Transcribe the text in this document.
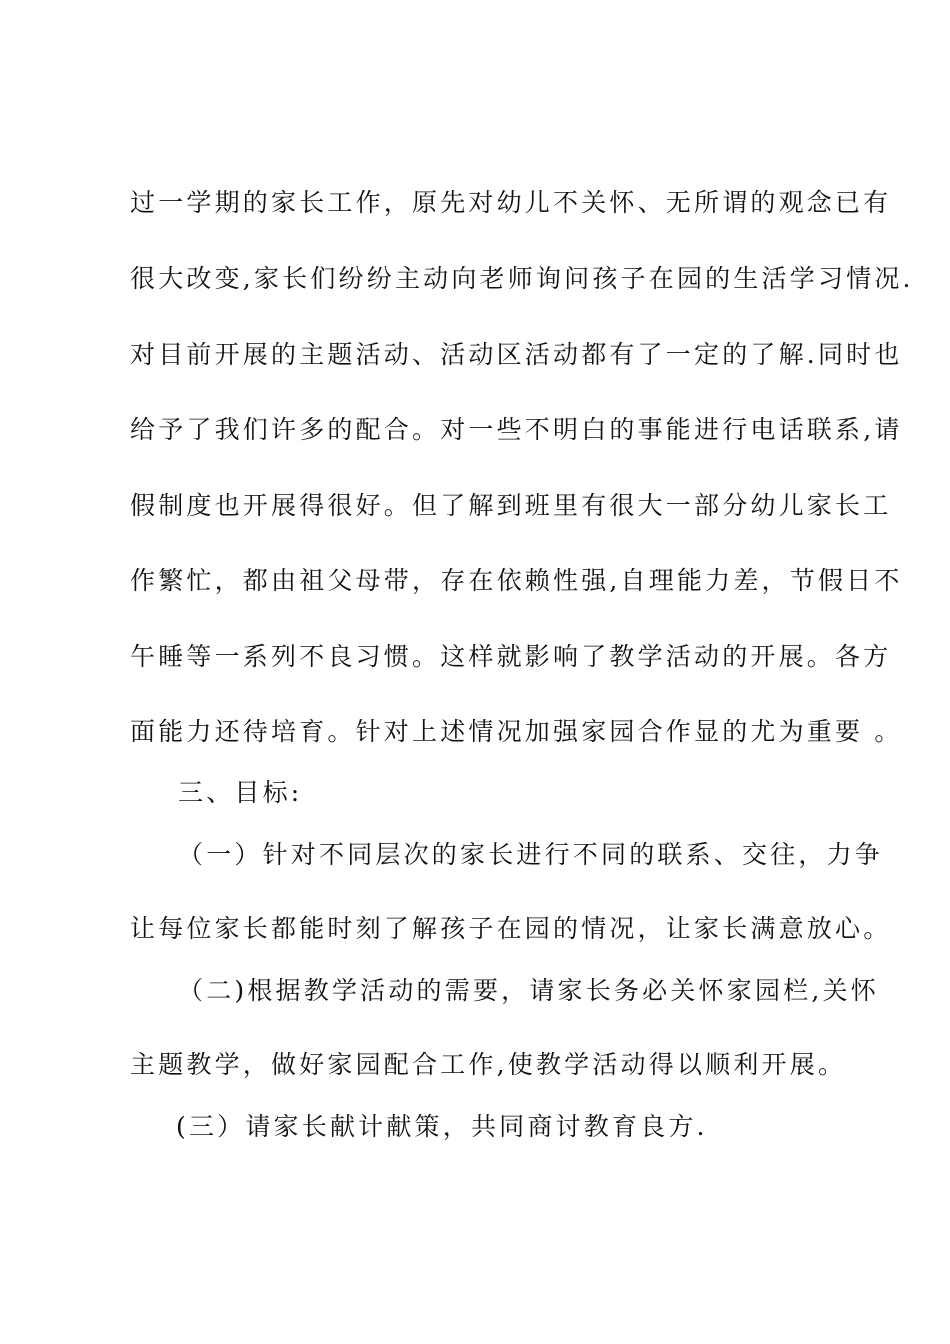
过一学期的家长工作，原先对幼儿不关怀、无所谓的观念已有
很大改变,家长们纷纷主动向老师询问孩子在园的生活学习情况.
对目前开展的主题活动、活动区活动都有了一定的了解.同时也
给予了我们许多的配合。对一些不明白的事能进行电话联系,请
假制度也开展得很好。但了解到班里有很大一部分幼儿家长工
作繁忙，都由祖父母带，存在依赖性强,自理能力差，节假日不
午睡等一系列不良习惯。这样就影响了教学活动的开展。各方
面能力还待培育。针对上述情况加强家园合作显的尤为重要 。
三、目标:
（一）针对不同层次的家长进行不同的联系、交往，力争
让每位家长都能时刻了解孩子在园的情况，让家长满意放心。
（二)根据教学活动的需要，请家长务必关怀家园栏,关怀
主题教学，做好家园配合工作,使教学活动得以顺利开展。
(三）请家长献计献策，共同商讨教育良方.
